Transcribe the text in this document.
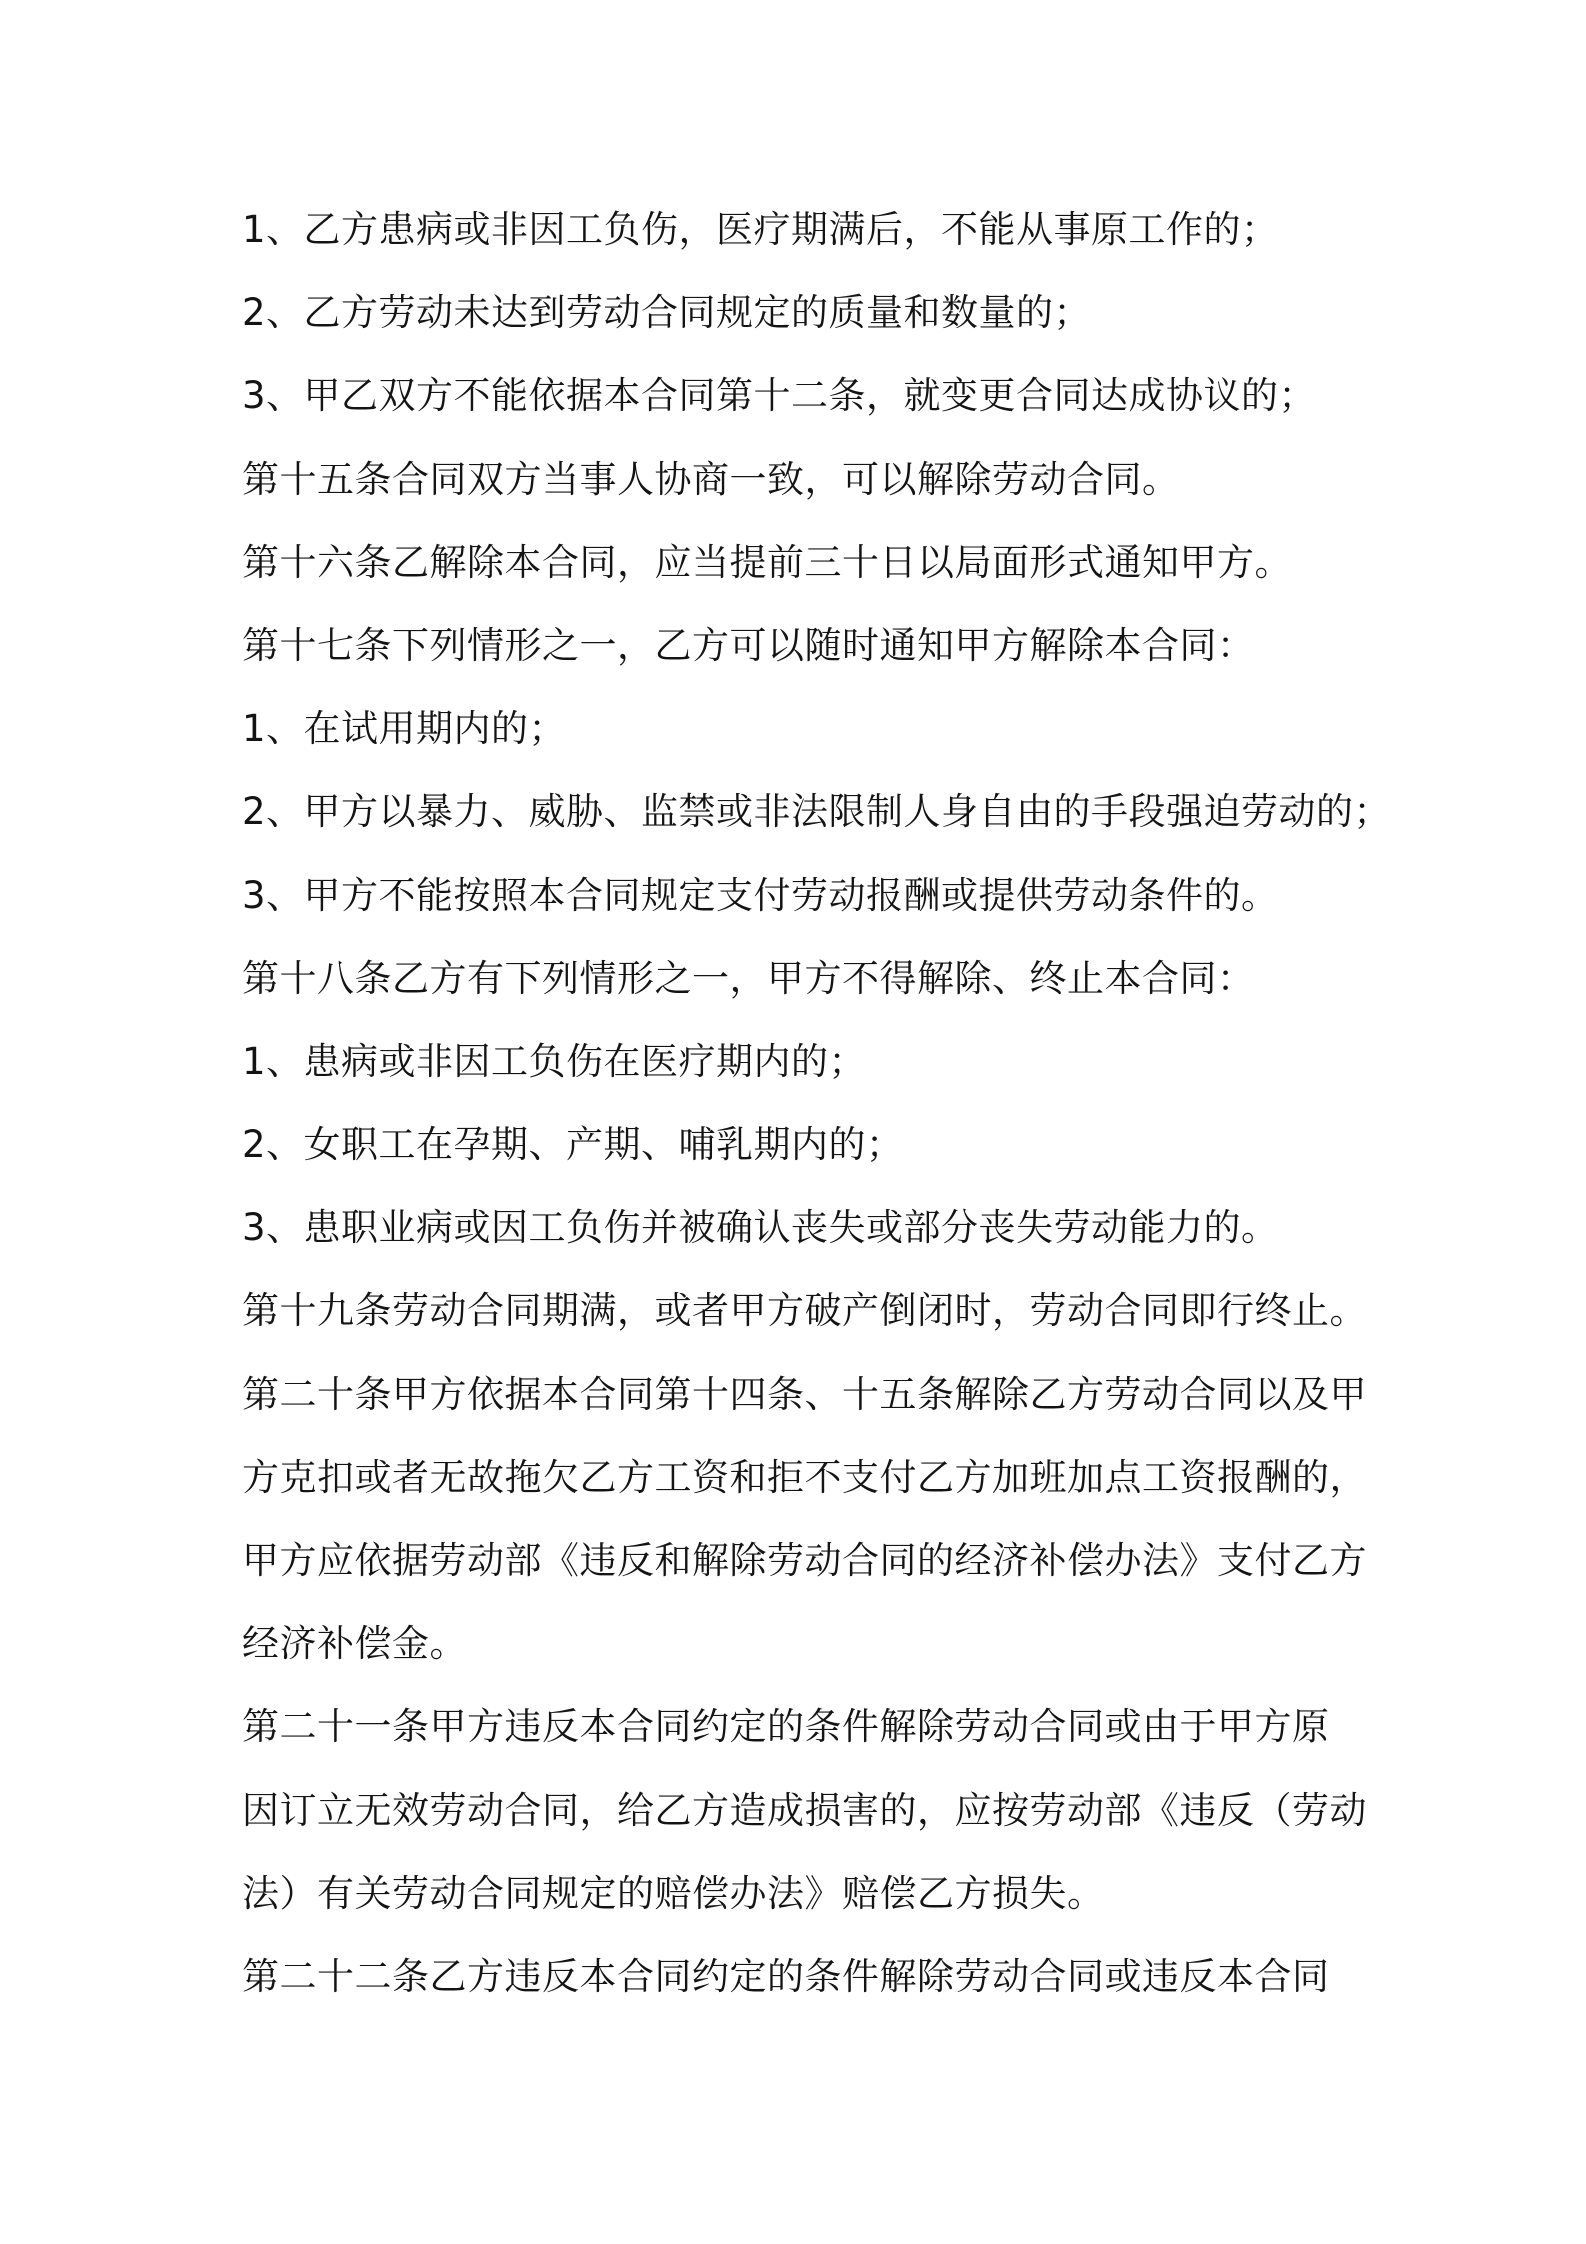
1、乙方患病或非因工负伤，医疗期满后，不能从事原工作的；
2、乙方劳动未达到劳动合同规定的质量和数量的；
3、甲乙双方不能依据本合同第十二条，就变更合同达成协议的；
第十五条合同双方当事人协商一致，可以解除劳动合同。
第十六条乙解除本合同，应当提前三十日以局面形式通知甲方。
第十七条下列情形之一，乙方可以随时通知甲方解除本合同：
1、在试用期内的；
2、甲方以暴力、威胁、监禁或非法限制人身自由的手段强迫劳动的；
3、甲方不能按照本合同规定支付劳动报酬或提供劳动条件的。
第十八条乙方有下列情形之一，甲方不得解除、终止本合同：
1、患病或非因工负伤在医疗期内的；
2、女职工在孕期、产期、哺乳期内的；
3、患职业病或因工负伤并被确认丧失或部分丧失劳动能力的。
第十九条劳动合同期满，或者甲方破产倒闭时，劳动合同即行终止。
第二十条甲方依据本合同第十四条、十五条解除乙方劳动合同以及甲
方克扣或者无故拖欠乙方工资和拒不支付乙方加班加点工资报酬的，
甲方应依据劳动部《违反和解除劳动合同的经济补偿办法》支付乙方
经济补偿金。
第二十一条甲方违反本合同约定的条件解除劳动合同或由于甲方原
因订立无效劳动合同，给乙方造成损害的，应按劳动部《违反（劳动
法）有关劳动合同规定的赔偿办法》赔偿乙方损失。
第二十二条乙方违反本合同约定的条件解除劳动合同或违反本合同
